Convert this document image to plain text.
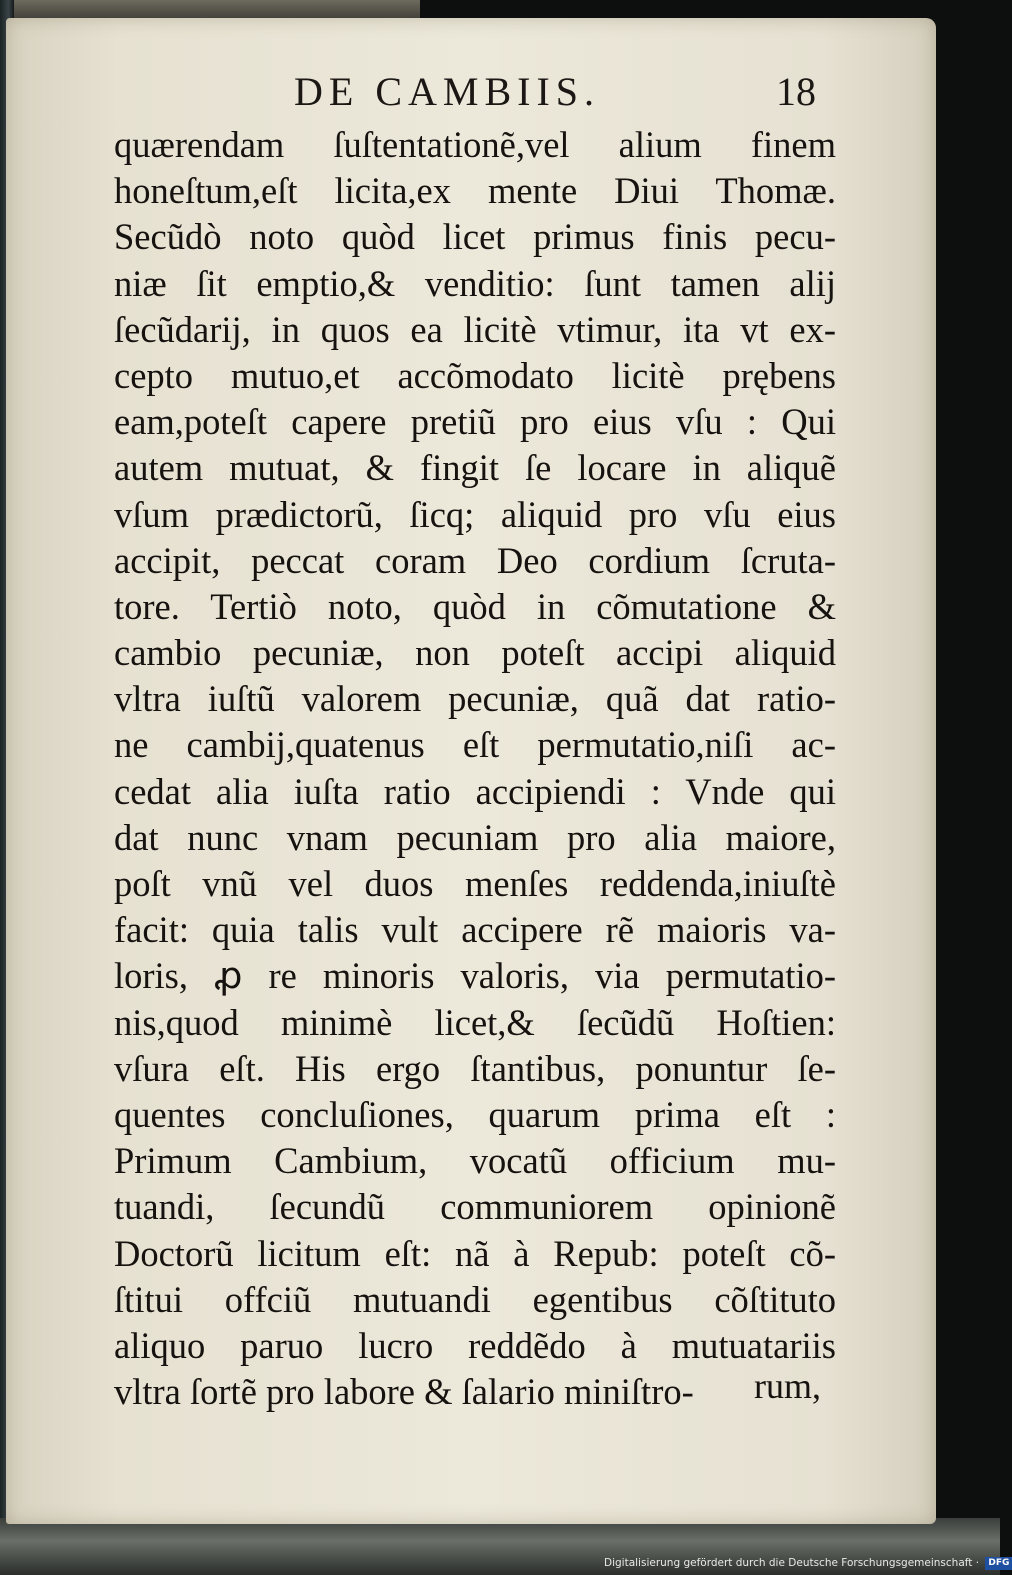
DE CAMBIIS.	18
quærendam ſuſtentationẽ,vel alium finem
honeſtum,eſt licita,ex mente Diui Thomæ.
Secũdò noto quòd licet primus finis pecu-
niæ ſit emptio,& venditio: ſunt tamen alij
ſecũdarij, in quos ea licitè vtimur, ita vt ex-
cepto mutuo,et accõmodato licitè prębens
eam,poteſt capere pretiũ pro eius vſu : Qui
autem mutuat, & fingit ſe locare in aliquẽ
vſum prædictorũ, ſicq; aliquid pro vſu eius
accipit, peccat coram Deo cordium ſcruta-
tore. Tertiò noto, quòd in cõmutatione &
cambio pecuniæ, non poteſt accipi aliquid
vltra iuſtũ valorem pecuniæ, quã dat ratio-
ne cambij,quatenus eſt permutatio,niſi ac-
cedat alia iuſta ratio accipiendi : Vnde qui
dat nunc vnam pecuniam pro alia maiore,
poſt vnũ vel duos menſes reddenda,iniuſtè
facit: quia talis vult accipere rẽ maioris va-
loris, ꝓ re minoris valoris, via permutatio-
nis,quod minimè licet,& ſecũdũ Hoſtien:
vſura eſt. His ergo ſtantibus, ponuntur ſe-
quentes concluſiones, quarum prima eſt :
Primum Cambium, vocatũ officium mu-
tuandi, ſecundũ communiorem opinionẽ
Doctorũ licitum eſt: nã à Repub: poteſt cõ-
ſtitui offciũ mutuandi egentibus cõſtituto
aliquo paruo lucro reddẽdo à mutuatariis
vltra ſortẽ pro labore & ſalario miniſtro-	rum,
Digitalisierung gefördert durch die Deutsche Forschungsgemeinschaft · DFG
